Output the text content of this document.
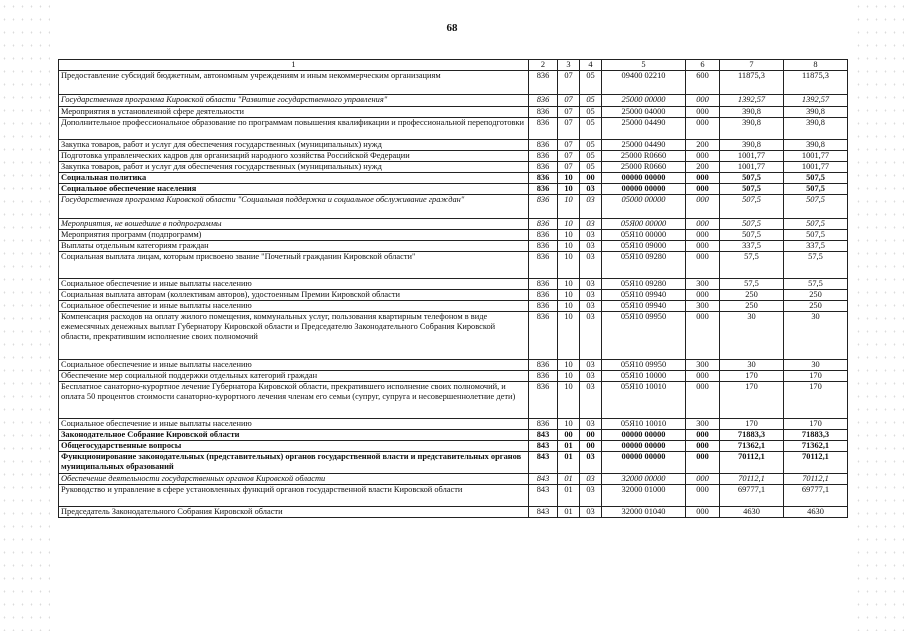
68
1	2	3	4	5	6	7	8
Предоставление субсидий бюджетным, автономным учреждениям и иным некоммерческим организациям	836	07	05	09400 02210	600	11875,3	11875,3
Государственная программа Кировской области "Развитие государственного управления"	836	07	05	25000 00000	000	1392,57	1392,57
Мероприятия в установленной сфере деятельности	836	07	05	25000 04000	000	390,8	390,8
Дополнительное профессиональное образование по программам повышения квалификации и профессиональной переподготовки	836	07	05	25000 04490	000	390,8	390,8
Закупка товаров, работ и услуг для обеспечения государственных (муниципальных) нужд	836	07	05	25000 04490	200	390,8	390,8
Подготовка управленческих кадров для организаций народного хозяйства Российской Федерации	836	07	05	25000 R0660	000	1001,77	1001,77
Закупка товаров, работ и услуг для обеспечения государственных (муниципальных) нужд	836	07	05	25000 R0660	200	1001,77	1001,77
Социальная политика	836	10	00	00000 00000	000	507,5	507,5
Социальное обеспечение населения	836	10	03	00000 00000	000	507,5	507,5
Государственная программа Кировской области "Социальная поддержка и социальное обслуживание граждан"	836	10	03	05000 00000	000	507,5	507,5
Мероприятия, не вошедшие в подпрограммы	836	10	03	05Я00 00000	000	507,5	507,5
Мероприятия программ (подпрограмм)	836	10	03	05Я10 00000	000	507,5	507,5
Выплаты отдельным категориям граждан	836	10	03	05Я10 09000	000	337,5	337,5
Социальная выплата лицам, которым присвоено звание "Почетный гражданин Кировской области"	836	10	03	05Я10 09280	000	57,5	57,5
Социальное обеспечение и иные выплаты населению	836	10	03	05Я10 09280	300	57,5	57,5
Социальная выплата авторам (коллективам авторов), удостоенным Премии Кировской области	836	10	03	05Я10 09940	000	250	250
Социальное обеспечение и иные выплаты населению	836	10	03	05Я10 09940	300	250	250
Компенсация расходов на оплату жилого помещения, коммунальных услуг, пользования квартирным телефоном в виде ежемесячных денежных выплат Губернатору Кировской области и Председателю Законодательного Собрания Кировской области, прекратившим исполнение своих полномочий	836	10	03	05Я10 09950	000	30	30
Социальное обеспечение и иные выплаты населению	836	10	03	05Я10 09950	300	30	30
Обеспечение мер социальной поддержки отдельных категорий граждан	836	10	03	05Я10 10000	000	170	170
Бесплатное санаторно-курортное лечение Губернатора Кировской области, прекратившего исполнение своих полномочий, и оплата 50 процентов стоимости санаторно-курортного лечения членам его семьи (супруг, супруга и несовершеннолетние дети)	836	10	03	05Я10 10010	000	170	170
Социальное обеспечение и иные выплаты населению	836	10	03	05Я10 10010	300	170	170
Законодательное Собрание Кировской области	843	00	00	00000 00000	000	71883,3	71883,3
Общегосударственные вопросы	843	01	00	00000 00000	000	71362,1	71362,1
Функционирование законодательных (представительных) органов государственной власти и представительных органов муниципальных образований	843	01	03	00000 00000	000	70112,1	70112,1
Обеспечение деятельности государственных органов Кировской области	843	01	03	32000 00000	000	70112,1	70112,1
Руководство и управление в сфере установленных функций органов государственной власти Кировской области	843	01	03	32000 01000	000	69777,1	69777,1
Председатель Законодательного Собрания Кировской области	843	01	03	32000 01040	000	4630	4630
